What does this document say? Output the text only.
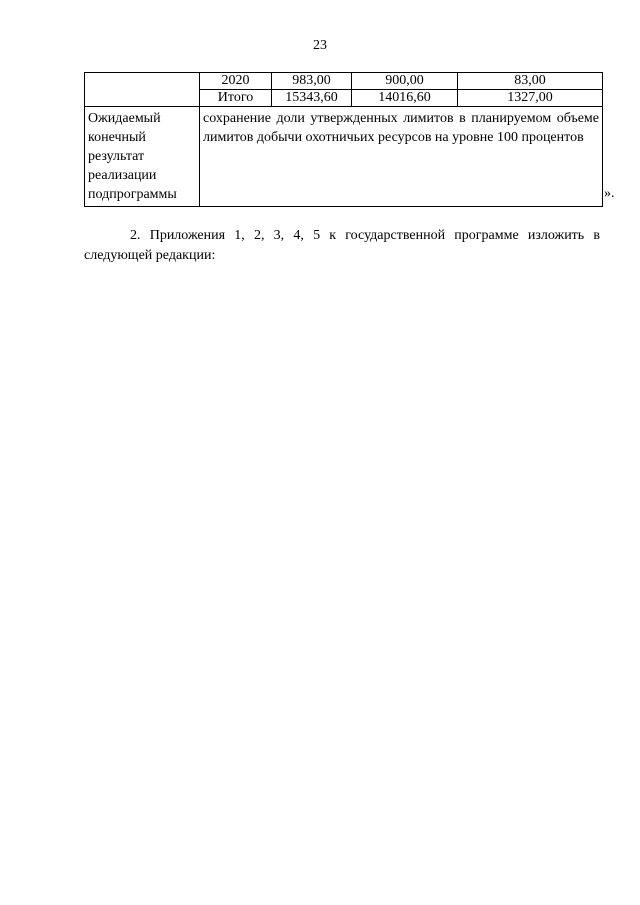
23
	2020	983,00	900,00	83,00
	Итого	15343,60	14016,60	1327,00

Ожидаемый
конечный
результат
реализации
подпрограммы	сохранение доли утвержденных лимитов в планируемом объеме лимитов добычи охотничьих ресурсов на уровне 100 процентов			
».

2. Приложения 1, 2, 3, 4, 5 к государственной программе изложить в следующей редакции:
